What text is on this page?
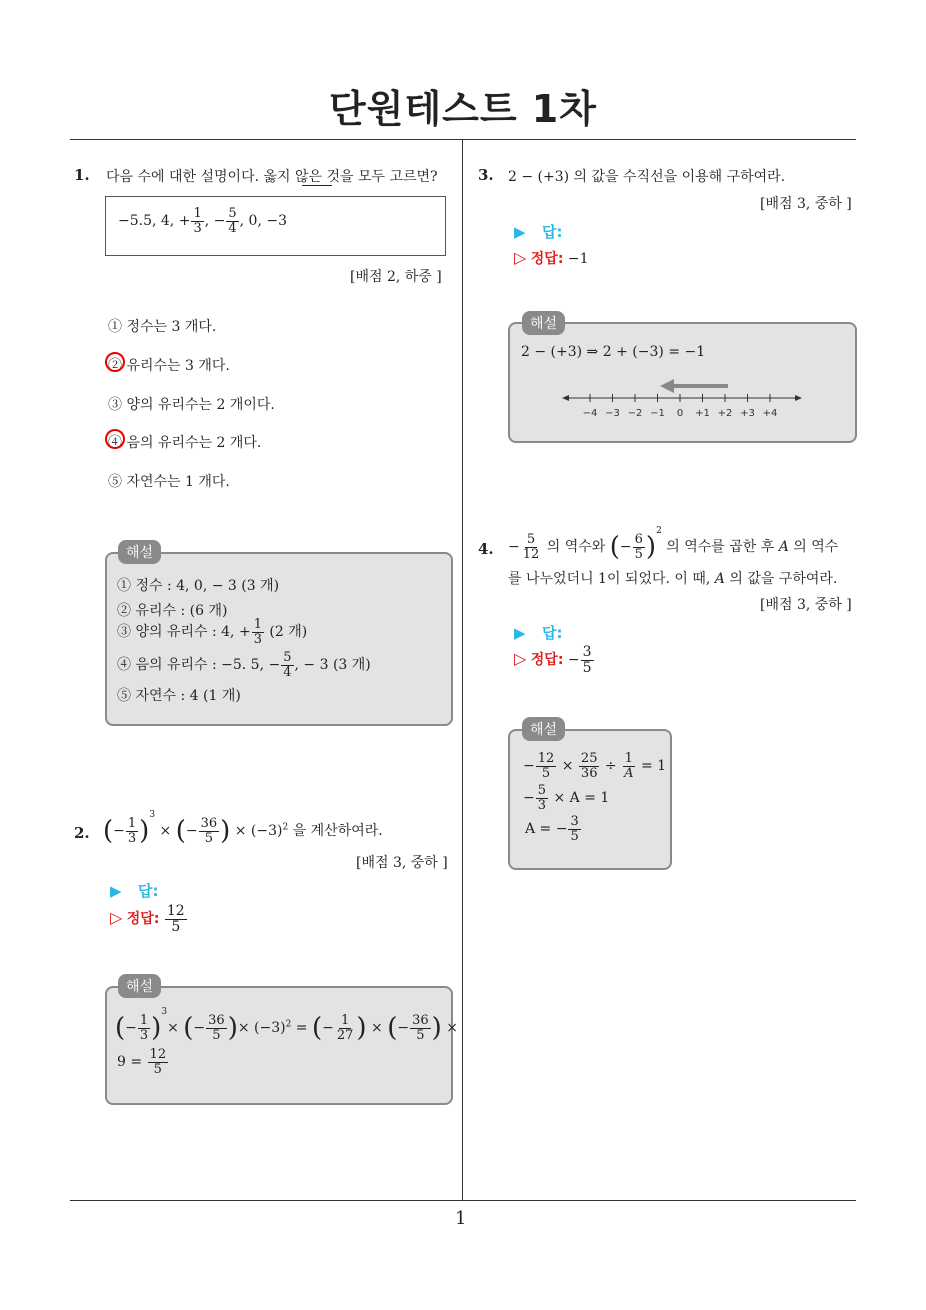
단원테스트 1차
1
1. 다음 수에 대한 설명이다. 옳지 않은 것을 모두 고르면?
−5.5, 4, + $\frac{1}{3}$ , − $\frac{5}{4}$ , 0, −3
[배점 2, 하중 ]
① 정수는 3 개다.
② 유리수는 3 개다.
③ 양의 유리수는 2 개이다.
④ 음의 유리수는 2 개다.
⑤ 자연수는 1 개다.
해설
① 정수 : 4, 0, − 3 (3 개)
② 유리수 : (6 개)
③ 양의 유리수 : 4, + $\frac{1}{3} (2$ 개)
④ 음의 유리수 : −5. 5, − $\frac{5}{4}$ , − 3 (3 개)
⑤ 자연수 : 4 (1 개)
2. (− $\frac{1}{3} )^3$ × (− $\frac{36}{5}$ ) × $(-3)^2$ 을 계산하여라.
[배점 3, 중하 ]
▶ 답:
▷ 정답: $\frac{12}{5}$
해설
(− $\frac{1}{3} )^3\times$ (− $\frac{36}{5}$ )× $(-3)^2$ = (− $\frac{1}{27}$ ) × (− $\frac{36}{5}$ ) ×
$9 = \frac{12}{5}$
3. 2 − (+3) 의 값을 수직선을 이용해 구하여라.
[배점 3, 중하 ]
▶ 답:
▷ 정답: −1
해설
2 − (+3) ⇒ 2 + (−3) = −1
−4 −3 −2 −1 0 +1 +2 +3 +4
4. − $\frac{5}{12}$ 의 역수와 (− $\frac{6}{5} )^2$ 의 역수를 곱한 후 A 의 역수
를 나누었더니 1이 되었다. 이 때, A 의 값을 구하여라.
[배점 3, 중하 ]
▶ 답:
▷ 정답: − $\frac{3}{5}$
해설
− $\frac{12}{5} \times \frac{25}{36} \div \frac{1}{A} = 1$
− $\frac{5}{3} \times A = 1$
A = − $\frac{3}{5}$
